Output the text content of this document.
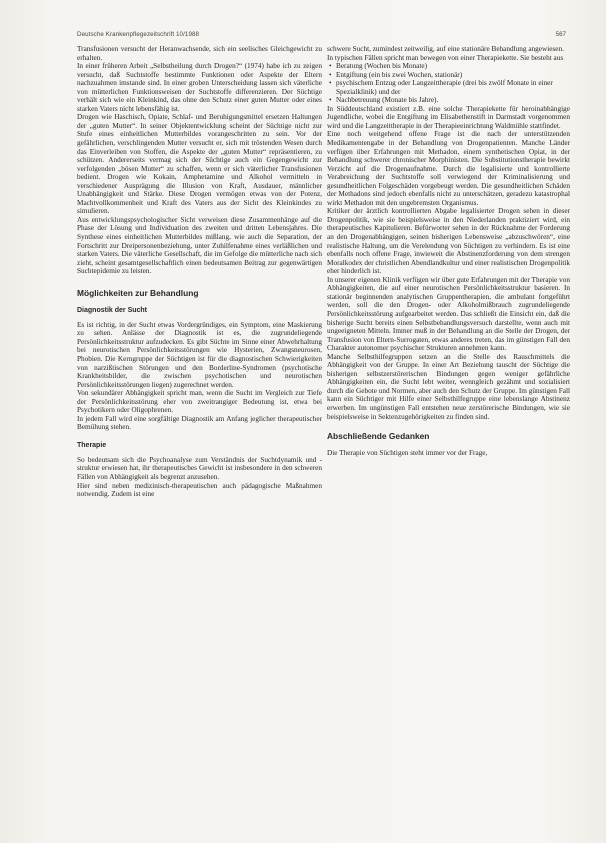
Deutsche Krankenpflegezeitschrift 10/1988	567

Transfusionen versucht der Heranwachsende, sich ein seelisches Gleichgewicht zu erhalten.

In einer früheren Arbeit „Selbstheilung durch Drogen?“ (1974) habe ich zu zeigen versucht, daß Suchtstoffe bestimmte Funktionen oder Aspekte der Eltern nachzuahmen imstande sind. In einer groben Unterscheidung lassen sich väterliche von mütterlichen Funktionsweisen der Suchtstoffe differenzieren. Der Süchtige verhält sich wie ein Kleinkind, das ohne den Schutz einer guten Mutter oder eines starken Vaters nicht lebensfähig ist.

Drogen wie Haschisch, Opiate, Schlaf- und Beruhigungsmittel ersetzen Haltungen der „guten Mutter“. In seiner Objektentwicklung scheint der Süchtige nicht zur Stufe eines einheitlichen Mutterbildes vorangeschritten zu sein. Vor der gefährlichen, verschlingenden Mutter versucht er, sich mit tröstenden Wesen durch das Einverleiben von Stoffen, die Aspekte der „guten Mutter“ repräsentieren, zu schützen. Andererseits vermag sich der Süchtige auch ein Gegengewicht zur verfolgenden „bösen Mutter“ zu schaffen, wenn er sich väterlicher Transfusionen bedient. Drogen wie Kokain, Amphetamine und Alkohol vermitteln in verschiedener Ausprägung die Illusion von Kraft, Ausdauer, männlicher Unabhängigkeit und Stärke. Diese Drogen vermögen etwas von der Potenz, Machtvollkommenheit und Kraft des Vaters aus der Sicht des Kleinkindes zu simulieren.

Aus entwicklungspsychologischer Sicht verweisen diese Zusammenhänge auf die Phase der Lösung und Individuation des zweiten und dritten Lebensjahres. Die Synthese eines einheitlichen Mutterbildes mißlang, wie auch die Separation, der Fortschritt zur Dreipersonenbeziehung, unter Zuhilfenahme eines verläßlichen und starken Vaters. Die väterliche Gesellschaft, die im Gefolge die mütterliche nach sich zieht, scheint gesamtgesellschaftlich einen bedeutsamen Beitrag zur gegenwärtigen Suchtepidemie zu leisten.

Möglichkeiten zur Behandlung
Diagnostik der Sucht

Es ist richtig, in der Sucht etwas Vordergründiges, ein Symptom, eine Maskierung zu sehen. Anlässe der Diagnostik ist es, die zugrundeliegende Persönlichkeitsstruktur aufzudecken. Es gibt Süchte im Sinne einer Abwehrhaltung bei neurotischen Persönlichkeitsstörungen wie Hysterien, Zwangsneurosen, Phobien. Die Kerngruppe der Süchtigen ist für die diagnostischen Schwierigkeiten von narzißtischen Störungen und den Borderline-Syndromen (psychotische Krankheitsbilder, die zwischen psychotischen und neurotischen Persönlichkeitsstörungen liegen) zugerechnet werden.

Von sekundärer Abhängigkeit spricht man, wenn die Sucht im Vergleich zur Tiefe der Persönlichkeitsstörung eher von zweitrangiger Bedeutung ist, etwa bei Psychotikern oder Oligophrenen.

In jedem Fall wird eine sorgfältige Diagnostik am Anfang jeglicher therapeutischer Bemühung stehen.

Therapie

So bedeutsam sich die Psychoanalyse zum Verständnis der Suchtdynamik und -struktur erwiesen hat, ihr therapeutisches Gewicht ist insbesondere in den schweren Fällen von Abhängigkeit als begrenzt anzusehen.

Hier sind neben medizinisch-therapeutischen auch pädagogische Maßnahmen notwendig. Zudem ist eine

schwere Sucht, zumindest zeitweilig, auf eine stationäre Behandlung angewiesen.

In typischen Fällen spricht man bewegen von einer Therapiekette. Sie besteht aus

• Beratung (Wochen bis Monate)
• Entgiftung (ein bis zwei Wochen, stationär)
• psychischem Entzug oder Langzeittherapie (drei bis zwölf Monate in einer Spezialklinik) und der
• Nachbetreuung (Monate bis Jahre).

In Süddeutschland existiert z.B. eine solche Therapiekette für heroinabhängige Jugendliche, wobei die Entgiftung im Elisabethenstift in Darmstadt vorgenommen wird und die Langzeittherapie in der Therapieeinrichtung Waldmühle stattfindet.

Eine noch weitgehend offene Frage ist die nach der unterstützenden Medikamentengabe in der Behandlung von Drogenpatienten. Manche Länder verfügen über Erfahrungen mit Methadon, einem synthetischen Opiat, in der Behandlung schwerer chronischer Morphinisten. Die Substitutionstherapie bewirkt Verzicht auf die Drogenaufnahme. Durch die legalisierte und kontrollierte Verabreichung der Suchtstoffe soll verwiegend der Kriminalisierung und gesundheitlichen Folgeschäden vorgebeugt werden. Die gesundheitlichen Schäden der Methadons sind jedoch ebenfalls nicht zu unterschätzen, geradezu katastrophal wirkt Methadon mit den ungebremsten Organismus.

Kritiker der ärztlich kontrollierten Abgabe legalisierter Drogen sehen in dieser Drogenpolitik, wie sie beispielsweise in den Niederlanden praktiziert wird, ein therapeutisches Kapitulieren. Befürworter sehen in der Rücknahme der Forderung an den Drogenabhängigen, seinen bisherigen Lebensweise „abzuschwören“, eine realistische Haltung, um die Verelendung von Süchtigen zu verhindern. Es ist eine ebenfalls noch offene Frage, inwieweit die Abstinenzforderung von dem strengen Moralkodex der christlichen Abendlandkultur und einer realistischen Drogenpolitik eher hinderlich ist.

In unserer eigenen Klinik verfügen wir über gute Erfahrungen mit der Therapie von Abhängigkeiten, die auf einer neurotischen Persönlichkeitsstruktur basieren. In stationär beginnenden analytischen Gruppentherapien, die ambulant fortgeführt werden, soll die den Drogen- oder Alkoholmißbrauch zugrundeliegende Persönlichkeitsstörung aufgearbeitet werden. Das schließt die Einsicht ein, daß die bisherige Sucht bereits einen Selbstbehandlungsversuch darstellte, wenn auch mit ungeeigneten Mitteln. Immer muß in der Behandlung an die Stelle der Drogen, der Transfusion von Eltern-Surrogaten, etwas anderes treten, das im günstigen Fall den Charakter autonomer psychischer Strukturen annehmen kann.

Manche Selbsthilfegruppen setzen an die Stelle des Rauschmittels die Abhängigkeit von der Gruppe. In einer Art Beziehung tauscht der Süchtige die bisherigen selbstzerstörerischen Bindungen gegen weniger gefährliche Abhängigkeiten ein, die Sucht lebt weiter, wenngleich gezähmt und sozialisiert durch die Gebote und Normen, aber auch den Schutz der Gruppe. Im günstigen Fall kann ein Süchtiger mit Hilfe einer Selbsthilfegruppe eine lebenslange Abstinenz erwerben. Im ungünstigen Fall entstehen neue zerstörerische Bindungen, wie sie beispielsweise in Sektenzugehörigkeiten zu finden sind.

Abschließende Gedanken

Die Therapie von Süchtigen steht immer vor der Frage,
